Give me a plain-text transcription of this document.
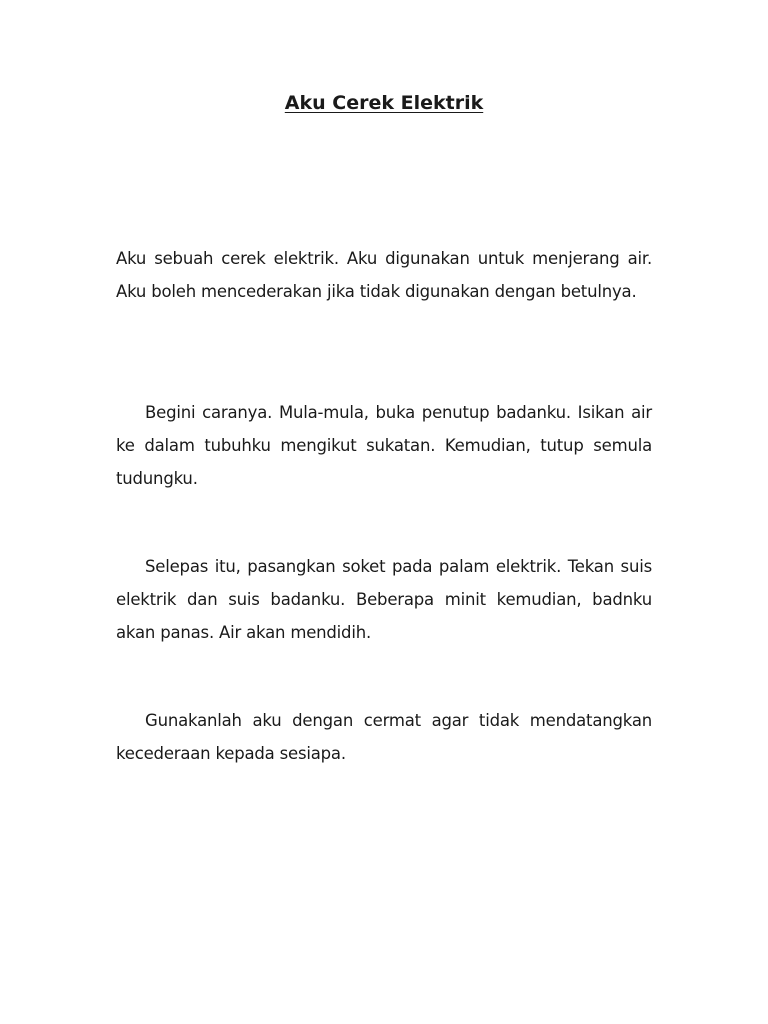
Aku Cerek Elektrik

Aku sebuah cerek elektrik. Aku digunakan untuk menjerang air. Aku boleh mencederakan jika tidak digunakan dengan betulnya.

Begini caranya. Mula-mula, buka penutup badanku. Isikan air ke dalam tubuhku mengikut sukatan. Kemudian, tutup semula tudungku.

Selepas itu, pasangkan soket pada palam elektrik. Tekan suis elektrik dan suis badanku. Beberapa minit kemudian, badnku akan panas. Air akan mendidih.

Gunakanlah aku dengan cermat agar tidak mendatangkan kecederaan kepada sesiapa.
